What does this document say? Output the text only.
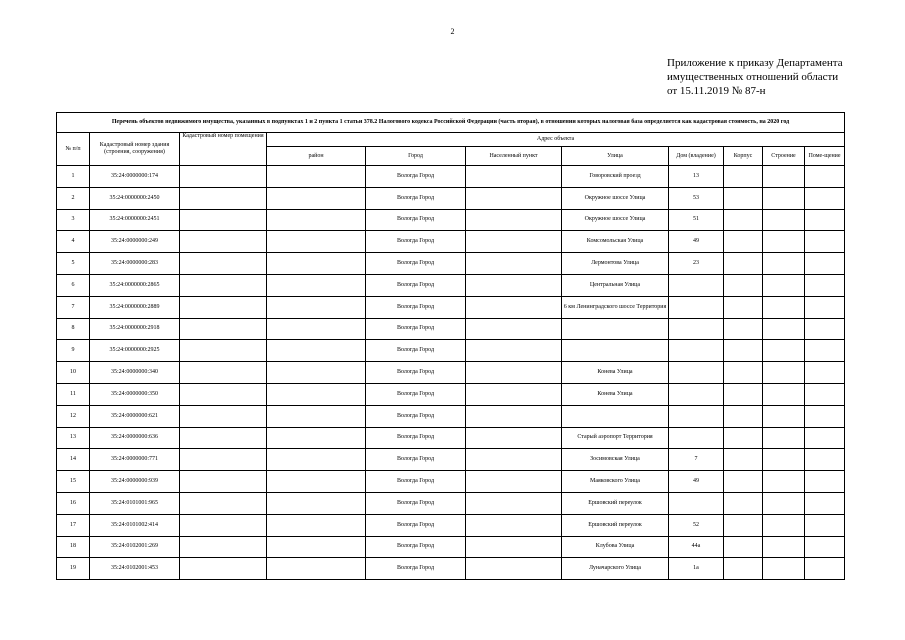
2
Приложение к приказу Департамента
имущественных отношений области
от 15.11.2019 № 87-н
Перечень объектов недвижимого имущества, указанных в подпунктах 1 и 2 пункта 1 статьи 378.2 Налогового кодекса Российской Федерации (часть вторая), в отношении которых налоговая база определяется как кадастровая стоимость, на 2020 год										
№ п/п	Кадастровый номер здания (строения, сооружения)	Кадастровый номер помещения	Адрес объекта							
			район	Город	Населенный пункт	Улица	Дом (владение)	Корпус	Строение	Поме-щение
1	35:24:0000000:174			Вологда Город		Говоровский проезд	13			
2	35:24:0000000:2450			Вологда Город		Окружное шоссе Улица	53			
3	35:24:0000000:2451			Вологда Город		Окружное шоссе Улица	51			
4	35:24:0000000:249			Вологда Город		Комсомольская Улица	49			
5	35:24:0000000:283			Вологда Город		Лермонтова Улица	23			
6	35:24:0000000:2865			Вологда Город		Центральная Улица				
7	35:24:0000000:2889			Вологда Город		6 км Ленинградского шоссе Территория				
8	35:24:0000000:2918			Вологда Город						
9	35:24:0000000:2925			Вологда Город						
10	35:24:0000000:340			Вологда Город		Конева Улица				
11	35:24:0000000:350			Вологда Город		Конева Улица				
12	35:24:0000000:621			Вологда Город						
13	35:24:0000000:636			Вологда Город		Старый аэропорт Территория				
14	35:24:0000000:771			Вологда Город		Зосимовская Улица	7			
15	35:24:0000000:939			Вологда Город		Маяковского Улица	49			
16	35:24:0101001:965			Вологда Город		Ершовский переулок				
17	35:24:0101002:414			Вологда Город		Ершовский переулок	52			
18	35:24:0102001:269			Вологда Город		Клубова Улица	44а			
19	35:24:0102001:453			Вологда Город		Луначарского Улица	1а			
